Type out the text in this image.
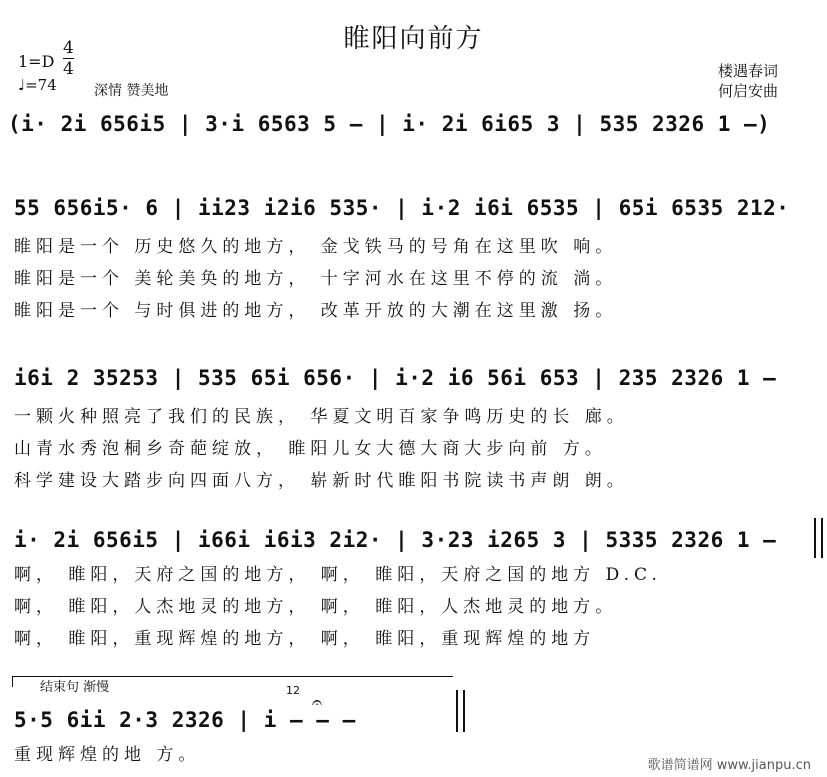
睢阳向前方
$1=D \frac{4}{4}$
♩=74	深情 赞美地
楼遇春词
何启安曲
(i· 2i 656i5 | 3·i 6563 5 – | i· 2i 6i65 3 | 535 2326 1 –)
55 656i5· 6 | ii23 i2i6 535· | i·2 i6i 6535 | 65i 6535 212·
睢阳是一个 历史悠久的地方， 金戈铁马的号角在这里吹 响。
睢阳是一个 美轮美奂的地方， 十字河水在这里不停的流 淌。
睢阳是一个 与时俱进的地方， 改革开放的大潮在这里激 扬。
i6i 2 35253 | 535 65i 656· | i·2 i6 56i 653 | 235 2326 1 –
一颗火种照亮了我们的民族， 华夏文明百家争鸣历史的长 廊。
山青水秀泡桐乡奇葩绽放， 睢阳儿女大德大商大步向前 方。
科学建设大踏步向四面八方， 崭新时代睢阳书院读书声朗 朗。
i· 2i 656i5 | i66i i6i3 2i2· | 3·23 i265 3 | 5335 2326 1 –
啊， 睢阳，天府之国的地方， 啊， 睢阳，天府之国的地方 D.C.
啊， 睢阳，人杰地灵的地方， 啊， 睢阳，人杰地灵的地方。
啊， 睢阳，重现辉煌的地方， 啊， 睢阳，重现辉煌的地方
结束句 渐慢	12
𝄐
5·5 6ii 2·3 2326 | i – – –
重现辉煌的地 方。
歌谱简谱网 www.jianpu.cn
